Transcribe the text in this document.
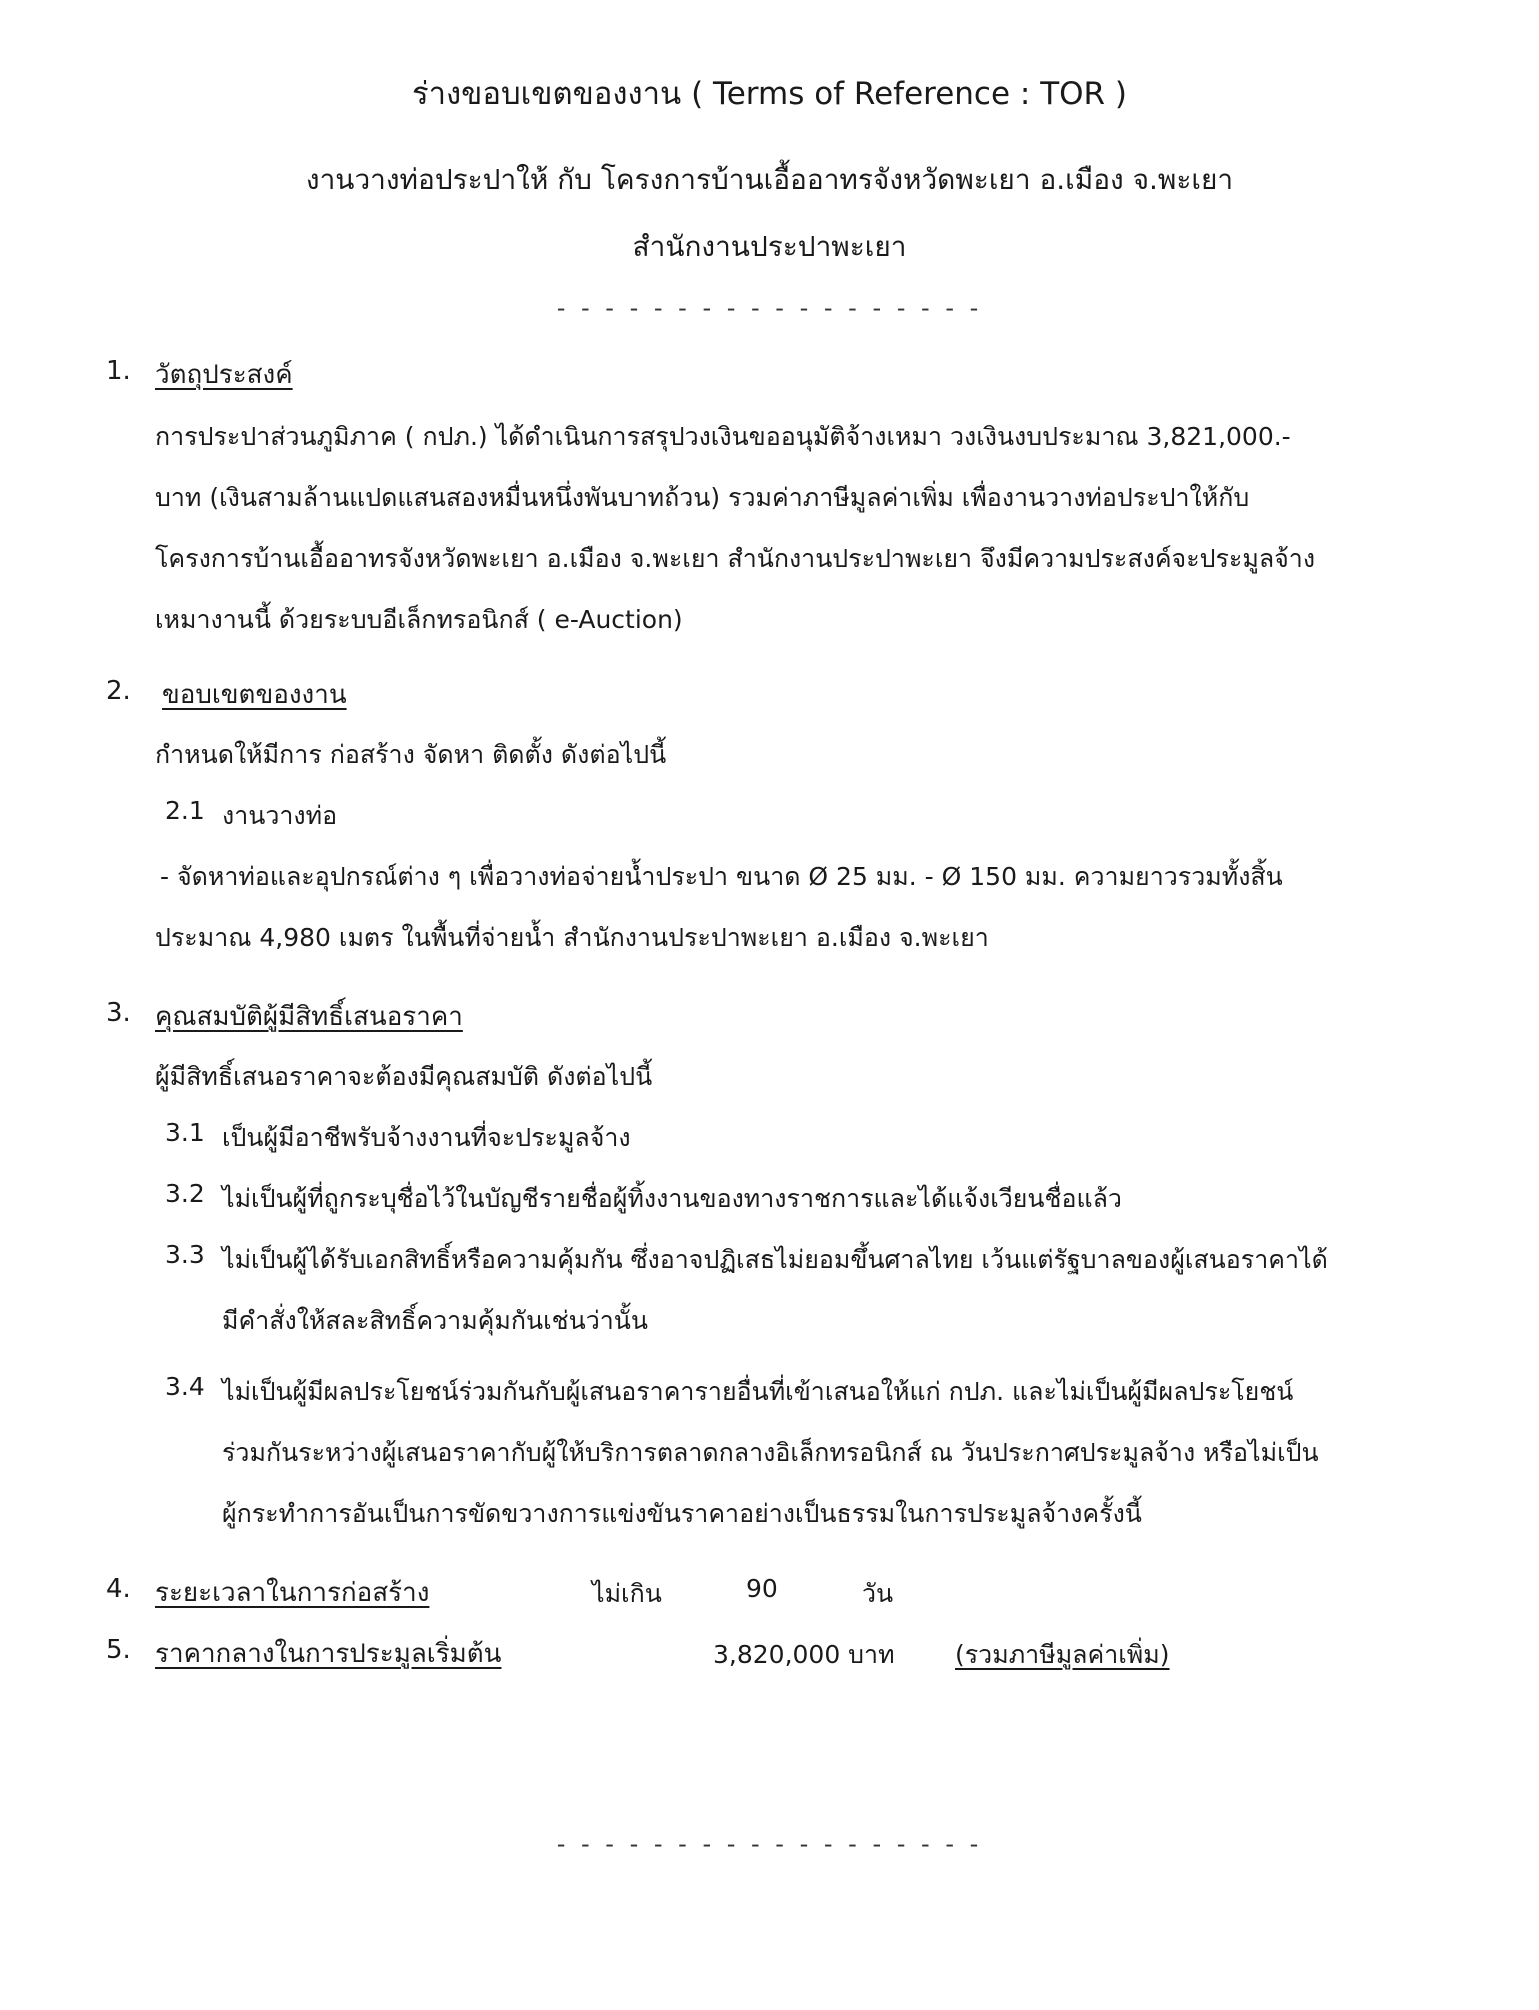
ร่างขอบเขตของงาน ( Terms of Reference : TOR )
งานวางท่อประปาให้ กับ โครงการบ้านเอื้ออาทรจังหวัดพะเยา อ.เมือง จ.พะเยา
สำนักงานประปาพะเยา
- - - - - - - - - - - - - - - - - -
1. วัตถุประสงค์
การประปาส่วนภูมิภาค ( กปภ.) ได้ดำเนินการสรุปวงเงินขออนุมัติจ้างเหมา วงเงินงบประมาณ 3,821,000.-
บาท (เงินสามล้านแปดแสนสองหมื่นหนึ่งพันบาทถ้วน) รวมค่าภาษีมูลค่าเพิ่ม เพื่องานวางท่อประปาให้กับ
โครงการบ้านเอื้ออาทรจังหวัดพะเยา อ.เมือง จ.พะเยา สำนักงานประปาพะเยา จึงมีความประสงค์จะประมูลจ้าง
เหมางานนี้ ด้วยระบบอีเล็กทรอนิกส์ ( e-Auction)
2. ขอบเขตของงาน
กำหนดให้มีการ ก่อสร้าง จัดหา ติดตั้ง ดังต่อไปนี้
2.1 งานวางท่อ
- จัดหาท่อและอุปกรณ์ต่าง ๆ เพื่อวางท่อจ่ายน้ำประปา ขนาด Ø 25 มม. - Ø 150 มม. ความยาวรวมทั้งสิ้น
ประมาณ 4,980 เมตร ในพื้นที่จ่ายน้ำ สำนักงานประปาพะเยา อ.เมือง จ.พะเยา
3. คุณสมบัติผู้มีสิทธิ์เสนอราคา
ผู้มีสิทธิ์เสนอราคาจะต้องมีคุณสมบัติ ดังต่อไปนี้
3.1 เป็นผู้มีอาชีพรับจ้างงานที่จะประมูลจ้าง
3.2 ไม่เป็นผู้ที่ถูกระบุชื่อไว้ในบัญชีรายชื่อผู้ทิ้งงานของทางราชการและได้แจ้งเวียนชื่อแล้ว
3.3 ไม่เป็นผู้ได้รับเอกสิทธิ์หรือความคุ้มกัน ซึ่งอาจปฏิเสธไม่ยอมขึ้นศาลไทย เว้นแต่รัฐบาลของผู้เสนอราคาได้
มีคำสั่งให้สละสิทธิ์ความคุ้มกันเช่นว่านั้น
3.4 ไม่เป็นผู้มีผลประโยชน์ร่วมกันกับผู้เสนอราคารายอื่นที่เข้าเสนอให้แก่ กปภ. และไม่เป็นผู้มีผลประโยชน์
ร่วมกันระหว่างผู้เสนอราคากับผู้ให้บริการตลาดกลางอิเล็กทรอนิกส์ ณ วันประกาศประมูลจ้าง หรือไม่เป็น
ผู้กระทำการอันเป็นการขัดขวางการแข่งขันราคาอย่างเป็นธรรมในการประมูลจ้างครั้งนี้
4. ระยะเวลาในการก่อสร้าง	ไม่เกิน	90	วัน
5. ราคากลางในการประมูลเริ่มต้น	3,820,000 บาท (รวมภาษีมูลค่าเพิ่ม)
- - - - - - - - - - - - - - - - - -
